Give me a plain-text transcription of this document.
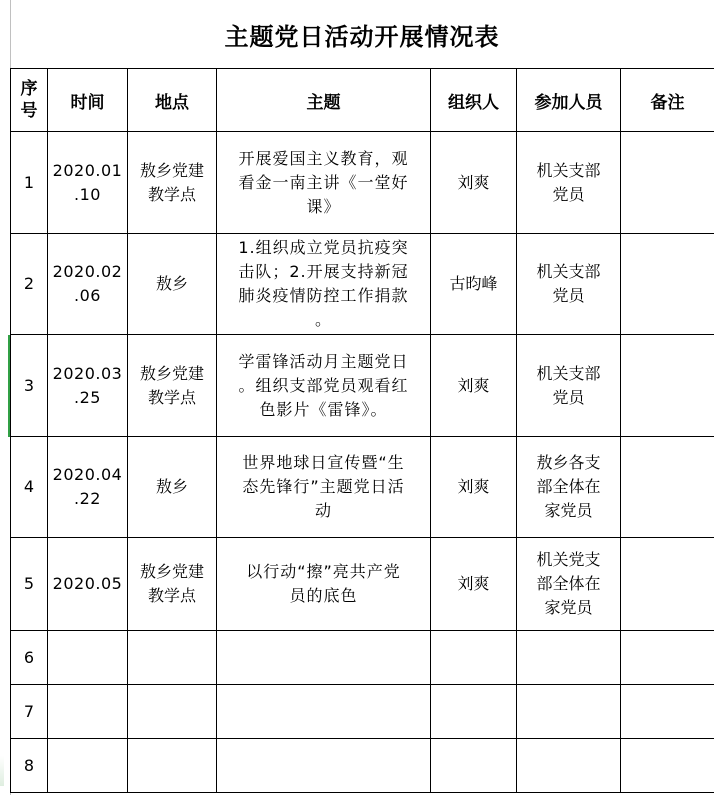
主题党日活动开展情况表
序号	时间	地点	主题	组织人	参加人员	备注

1	2020.01
.10	敖乡党建
教学点	开展爱国主义教育，观
看金一南主讲《一堂好
课》	刘爽	机关支部
党员	

2	2020.02
.06	敖乡	1.组织成立党员抗疫突
击队；2.开展支持新冠
肺炎疫情防控工作捐款
。	古昀峰	机关支部
党员	

3	2020.03
.25	敖乡党建
教学点	学雷锋活动月主题党日
。组织支部党员观看红
色影片《雷锋》。	刘爽	机关支部
党员	

4	2020.04
.22	敖乡	世界地球日宣传暨“生
态先锋行”主题党日活
动	刘爽	敖乡各支
部全体在
家党员	

5	2020.05	敖乡党建
教学点	以行动“擦”亮共产党
员的底色	刘爽	机关党支
部全体在
家党员	

6						

7						

8						
